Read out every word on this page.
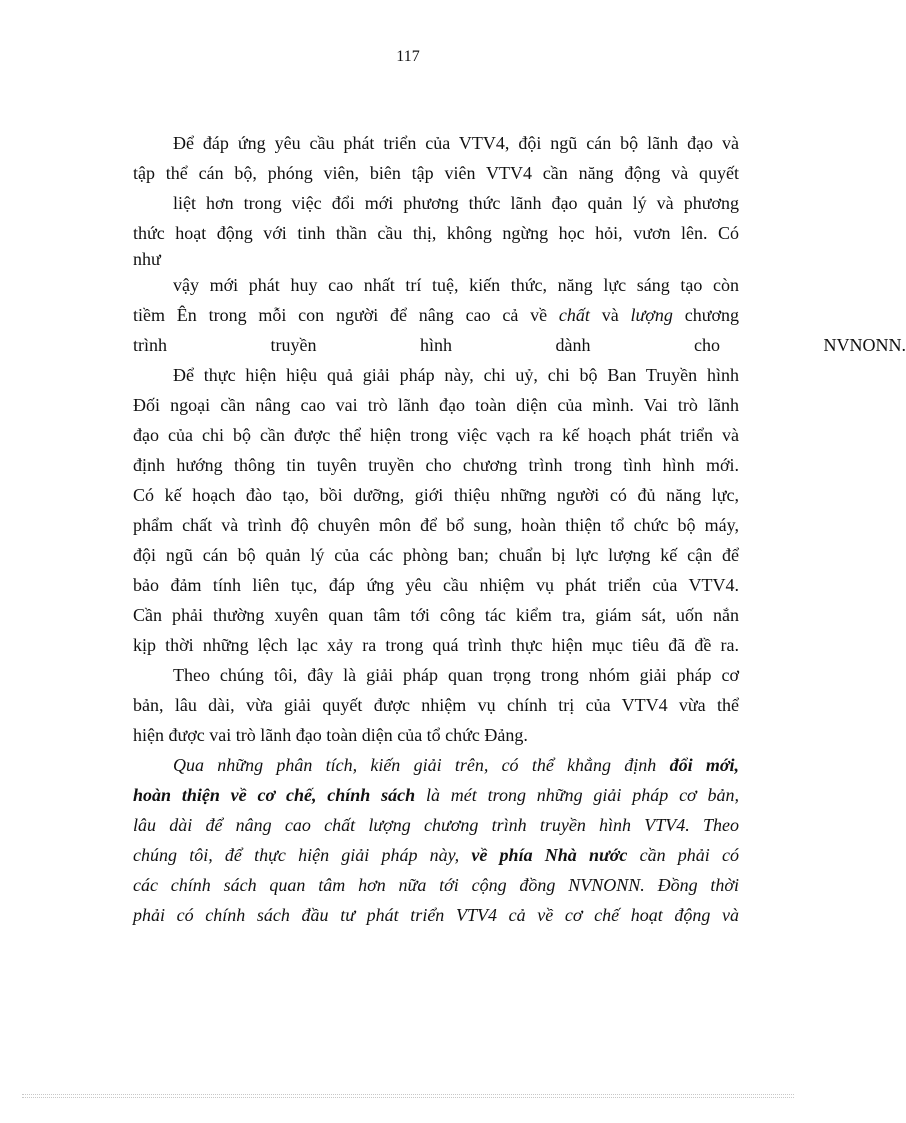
117
Để đáp ứng yêu cầu phát triển của VTV4, đội ngũ cán bộ lãnh đạo và
tập thể cán bộ, phóng viên, biên tập viên VTV4 cần năng động và quyết
liệt hơn trong việc đổi mới phương thức lãnh đạo quản lý và phương
thức hoạt động với tinh thần cầu thị, không ngừng học hỏi, vươn lên. Có
như
vậy mới phát huy cao nhất trí tuệ, kiến thức, năng lực sáng tạo còn
tiềm Ên trong mỗi con người để nâng cao cả về chất và lượng chương
trình truyền hình dành cho NVNONN.
Để thực hiện hiệu quả giải pháp này, chi uỷ, chi bộ Ban Truyền hình
Đối ngoại cần nâng cao vai trò lãnh đạo toàn diện của mình. Vai trò lãnh
đạo của chi bộ cần được thể hiện trong việc vạch ra kế hoạch phát triển và
định hướng thông tin tuyên truyền cho chương trình trong tình hình mới.
Có kế hoạch đào tạo, bồi dưỡng, giới thiệu những người có đủ năng lực,
phẩm chất và trình độ chuyên môn để bổ sung, hoàn thiện tổ chức bộ máy,
đội ngũ cán bộ quản lý của các phòng ban; chuẩn bị lực lượng kế cận để
bảo đảm tính liên tục, đáp ứng yêu cầu nhiệm vụ phát triển của VTV4.
Cần phải thường xuyên quan tâm tới công tác kiểm tra, giám sát, uốn nắn
kịp thời những lệch lạc xảy ra trong quá trình thực hiện mục tiêu đã đề ra.
Theo chúng tôi, đây là giải pháp quan trọng trong nhóm giải pháp cơ
bản, lâu dài, vừa giải quyết được nhiệm vụ chính trị của VTV4 vừa thể
hiện được vai trò lãnh đạo toàn diện của tổ chức Đảng.
Qua những phân tích, kiến giải trên, có thể khẳng định đổi mới,
hoàn thiện về cơ chế, chính sách là mét trong những giải pháp cơ bản,
lâu dài để nâng cao chất lượng chương trình truyền hình VTV4. Theo
chúng tôi, để thực hiện giải pháp này, về phía Nhà nước cần phải có
các chính sách quan tâm hơn nữa tới cộng đồng NVNONN. Đồng thời
phải có chính sách đầu tư phát triển VTV4 cả về cơ chế hoạt động và
